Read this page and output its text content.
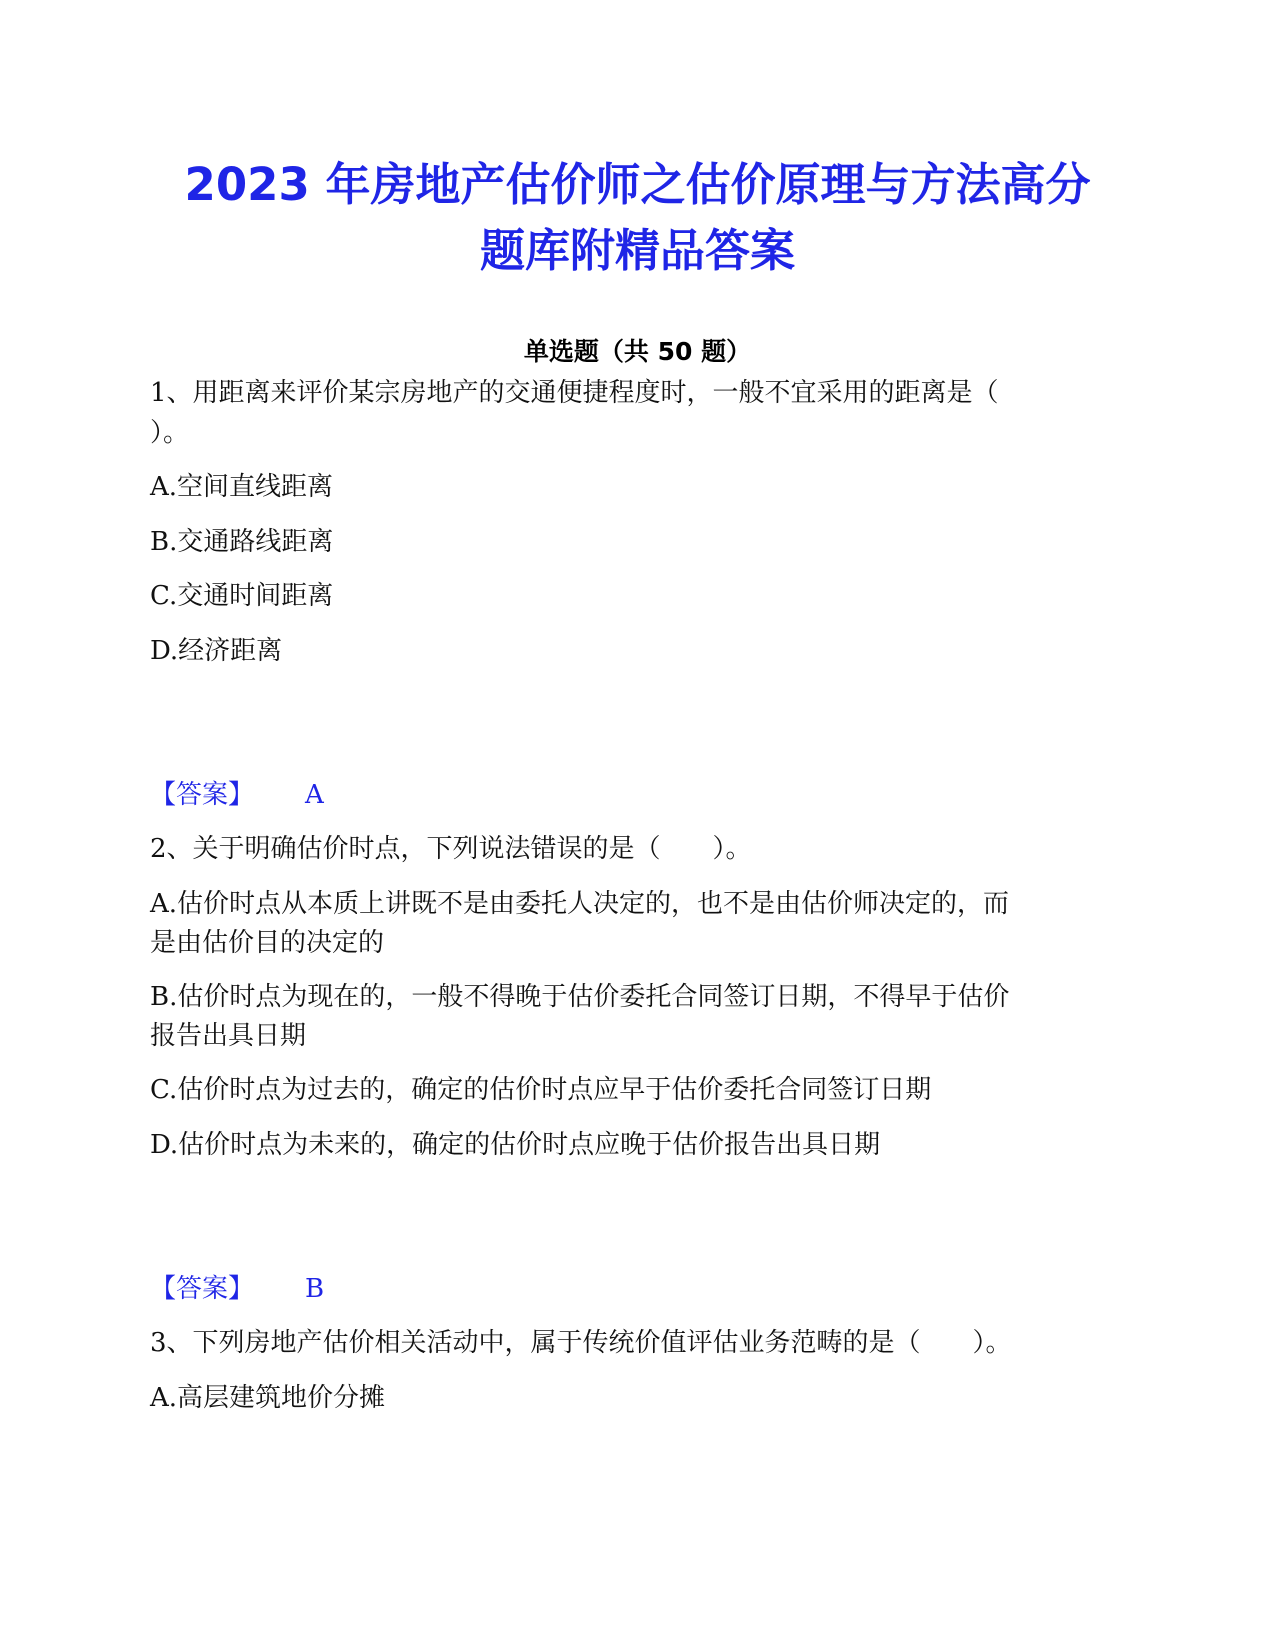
2023 年房地产估价师之估价原理与方法高分
题库附精品答案
单选题（共 50 题）
1、用距离来评价某宗房地产的交通便捷程度时，一般不宜采用的距离是（
）。
A.空间直线距离
B.交通路线距离
C.交通时间距离
D.经济距离
【答案】 A
2、关于明确估价时点，下列说法错误的是（　　）。
A.估价时点从本质上讲既不是由委托人决定的，也不是由估价师决定的，而
是由估价目的决定的
B.估价时点为现在的，一般不得晚于估价委托合同签订日期，不得早于估价
报告出具日期
C.估价时点为过去的，确定的估价时点应早于估价委托合同签订日期
D.估价时点为未来的，确定的估价时点应晚于估价报告出具日期
【答案】 B
3、下列房地产估价相关活动中，属于传统价值评估业务范畴的是（　　）。
A.高层建筑地价分摊
